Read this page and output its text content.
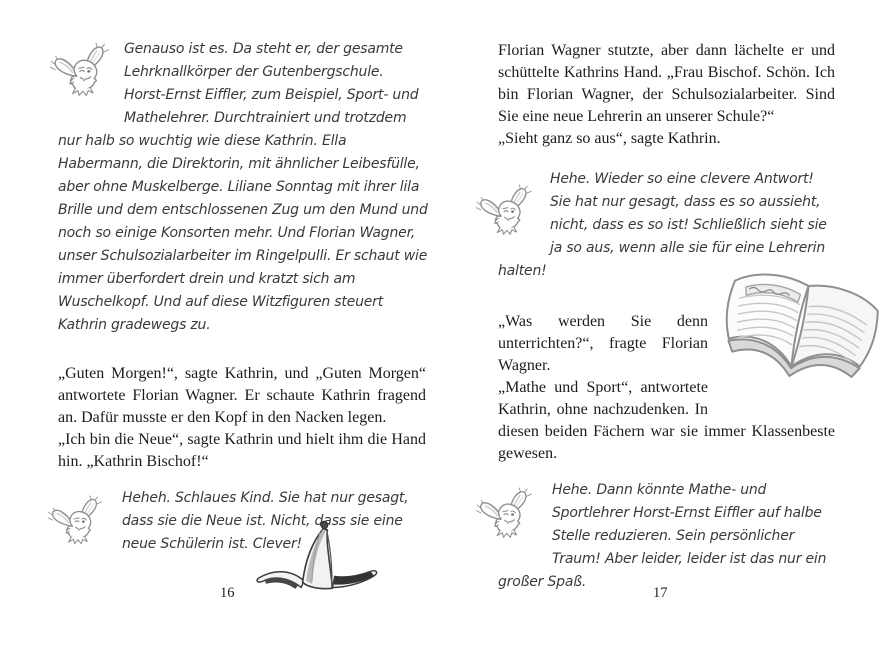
Genauso ist es. Da steht er, der gesamte Lehrknallkörper der Gutenbergschule. Horst-Ernst Eiffler, zum Beispiel, Sport- und Mathelehrer. Durchtrainiert und trotzdem nur halb so wuchtig wie diese Kathrin. Ella Habermann, die Direktorin, mit ähnlicher Leibesfülle, aber ohne Muskelberge. Liliane Sonntag mit ihrer lila Brille und dem entschlossenen Zug um den Mund und noch so einige Konsorten mehr. Und Florian Wagner, unser Schulsozialarbeiter im Ringelpulli. Er schaut wie immer überfordert drein und kratzt sich am Wuschelkopf. Und auf diese Witzfiguren steuert Kathrin gradewegs zu.

„Guten Morgen!“, sagte Kathrin, und „Guten Morgen“ antwortete Florian Wagner. Er schaute Kathrin fragend an. Dafür musste er den Kopf in den Nacken legen.

„Ich bin die Neue“, sagte Kathrin und hielt ihm die Hand hin. „Kathrin Bischof!“

Heheh. Schlaues Kind. Sie hat nur gesagt, dass sie die Neue ist. Nicht, dass sie eine neue Schülerin ist. Clever!

16

Florian Wagner stutzte, aber dann lächelte er und schüttelte Kathrins Hand. „Frau Bischof. Schön. Ich bin Florian Wagner, der Schulsozialarbeiter. Sind Sie eine neue Lehrerin an unserer Schule?“

„Sieht ganz so aus“, sagte Kathrin.

Hehe. Wieder so eine clevere Antwort! Sie hat nur gesagt, dass es so aussieht, nicht, dass es so ist! Schließlich sieht sie ja so aus, wenn alle sie für eine Lehrerin halten!

„Was werden Sie denn unterrichten?“, fragte Florian Wagner.

„Mathe und Sport“, antwortete Kathrin, ohne nachzudenken. In diesen beiden Fächern war sie immer Klassenbeste gewesen.

Hehe. Dann könnte Mathe- und Sportlehrer Horst-Ernst Eiffler auf halbe Stelle reduzieren. Sein persönlicher Traum! Aber leider, leider ist das nur ein großer Spaß.

17
